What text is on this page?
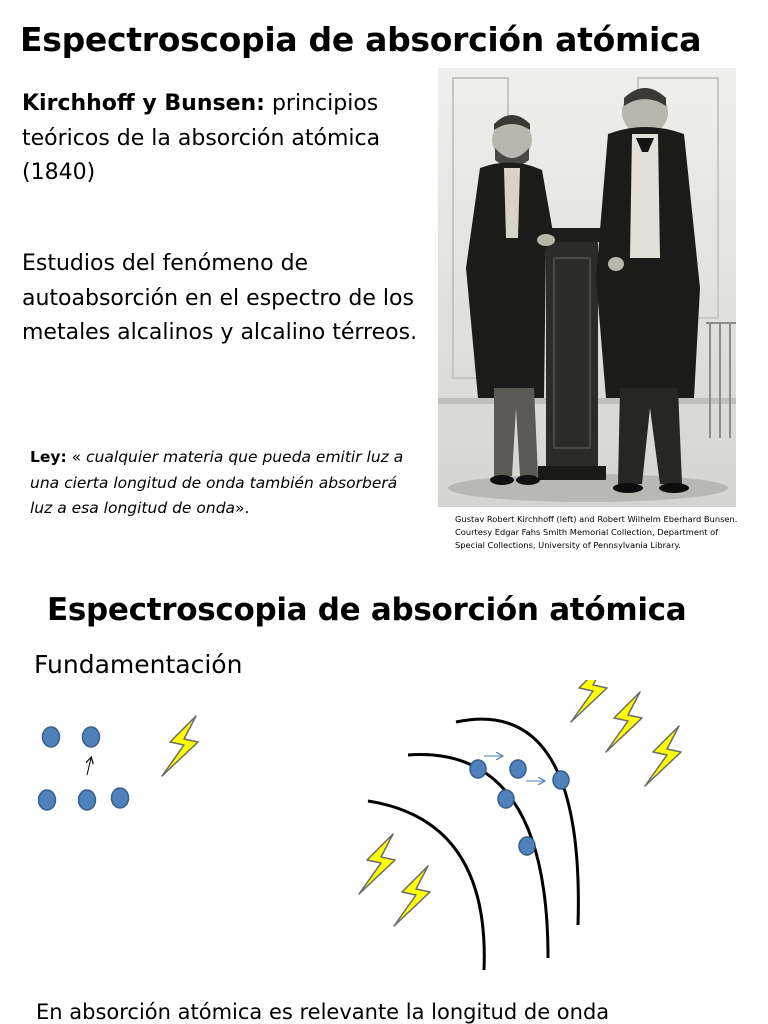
Espectroscopia de absorción atómica
Kirchhoff y Bunsen: principios teóricos de la absorción atómica (1840)
Estudios del fenómeno de autoabsorción en el espectro de los metales alcalinos y alcalino térreos.
Ley: « cualquier materia que pueda emitir luz a una cierta longitud de onda también absorberá luz a esa longitud de onda».
Gustav Robert Kirchhoff (left) and Robert Wilhelm Eberhard Bunsen. Courtesy Edgar Fahs Smith Memorial Collection, Department of Special Collections, University of Pennsylvania Library.
Espectroscopia de absorción atómica
Fundamentación
En absorción atómica es relevante la longitud de onda
